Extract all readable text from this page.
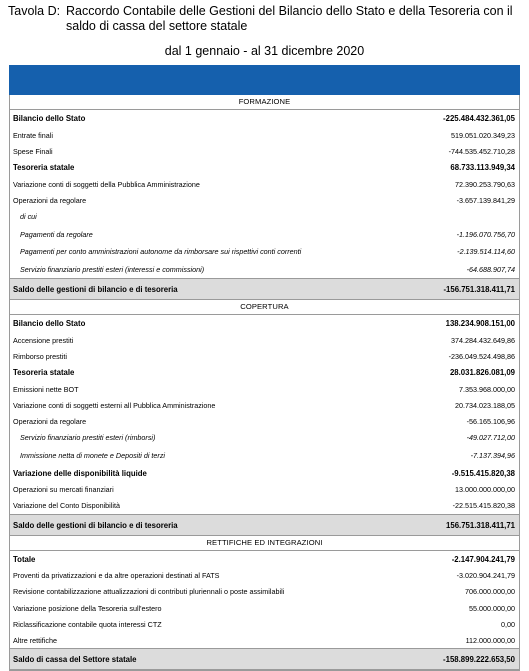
Tavola D: Raccordo Contabile delle Gestioni del Bilancio dello Stato e della Tesoreria con il saldo di cassa del settore statale
dal 1 gennaio - al 31 dicembre 2020
FORMAZIONE
Bilancio dello Stato	-225.484.432.361,05
Entrate finali	519.051.020.349,23
Spese Finali	-744.535.452.710,28
Tesoreria statale	68.733.113.949,34
Variazione conti di soggetti della Pubblica Amministrazione	72.390.253.790,63
Operazioni da regolare	-3.657.139.841,29
di cui
Pagamenti da regolare	-1.196.070.756,70
Pagamenti per conto amministrazioni autonome da rimborsare sui rispettivi conti correnti	-2.139.514.114,60
Servizio finanziario prestiti esteri (interessi e commissioni)	-64.688.907,74
Saldo delle gestioni di bilancio e di tesoreria	-156.751.318.411,71
COPERTURA
Bilancio dello Stato	138.234.908.151,00
Accensione prestiti	374.284.432.649,86
Rimborso prestiti	-236.049.524.498,86
Tesoreria statale	28.031.826.081,09
Emissioni nette BOT	7.353.968.000,00
Variazione conti di soggetti esterni all Pubblica Amministrazione	20.734.023.188,05
Operazioni da regolare	-56.165.106,96
Servizio finanziario prestiti esteri (rimborsi)	-49.027.712,00
Immissione netta di monete e Depositi di terzi	-7.137.394,96
Variazione delle disponibilità liquide	-9.515.415.820,38
Operazioni su mercati finanziari	13.000.000.000,00
Variazione del Conto Disponibilità	-22.515.415.820,38
Saldo delle gestioni di bilancio e di tesoreria	156.751.318.411,71
RETTIFICHE ED INTEGRAZIONI
Totale	-2.147.904.241,79
Proventi da privatizzazioni e da altre operazioni destinati al FATS	-3.020.904.241,79
Revisione contabilizzazione attualizzazioni di contributi pluriennali o poste assimilabili	706.000.000,00
Variazione posizione della Tesoreria sull'estero	55.000.000,00
Riclassificazione contabile quota interessi CTZ	0,00
Altre rettifiche	112.000.000,00
Saldo di cassa del Settore statale	-158.899.222.653,50
